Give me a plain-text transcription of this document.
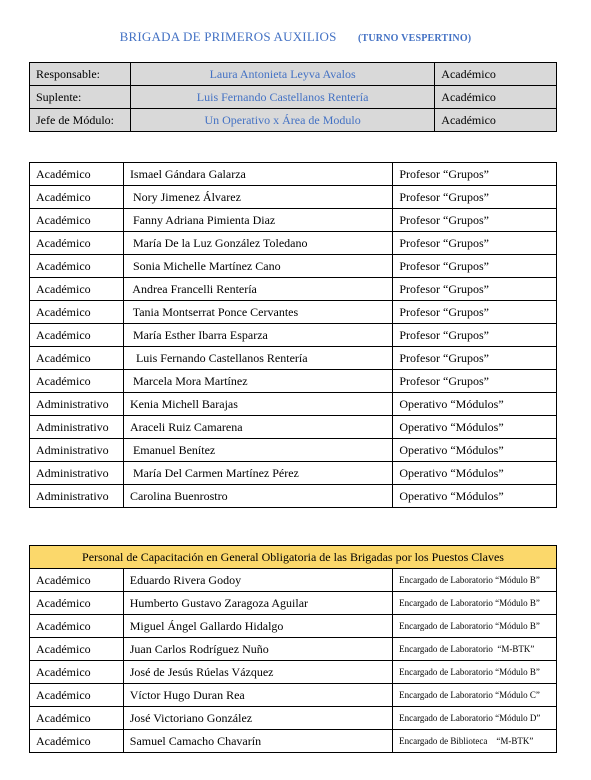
BRIGADA DE PRIMEROS AUXILIOS (TURNO VESPERTINO)
Responsable:	Laura Antonieta Leyva Avalos	Académico
Suplente:	Luis Fernando Castellanos Rentería	Académico
Jefe de Módulo:	Un Operativo x Área de Modulo	Académico
Académico	Ismael Gándara Galarza	Profesor “Grupos”
Académico	Nory Jimenez Álvarez	Profesor “Grupos”
Académico	Fanny Adriana Pimienta Diaz	Profesor “Grupos”
Académico	María De la Luz González Toledano	Profesor “Grupos”
Académico	Sonia Michelle Martínez Cano	Profesor “Grupos”
Académico	Andrea Francelli Rentería	Profesor “Grupos”
Académico	Tania Montserrat Ponce Cervantes	Profesor “Grupos”
Académico	María Esther Ibarra Esparza	Profesor “Grupos”
Académico	Luis Fernando Castellanos Rentería	Profesor “Grupos”
Académico	Marcela Mora Martínez	Profesor “Grupos”
Administrativo	Kenia Michell Barajas	Operativo “Módulos”
Administrativo	Araceli Ruiz Camarena	Operativo “Módulos”
Administrativo	Emanuel Benítez	Operativo “Módulos”
Administrativo	María Del Carmen Martínez Pérez	Operativo “Módulos”
Administrativo	Carolina Buenrostro	Operativo “Módulos”
Personal de Capacitación en General Obligatoria de las Brigadas por los Puestos Claves		
Académico	Eduardo Rivera Godoy	Encargado de Laboratorio “Módulo B”
Académico	Humberto Gustavo Zaragoza Aguilar	Encargado de Laboratorio “Módulo B”
Académico	Miguel Ángel Gallardo Hidalgo	Encargado de Laboratorio “Módulo B”
Académico	Juan Carlos Rodríguez Nuño	Encargado de Laboratorio  “M-BTK”
Académico	José de Jesús Rúelas Vázquez	Encargado de Laboratorio “Módulo B”
Académico	Víctor Hugo Duran Rea	Encargado de Laboratorio “Módulo C”
Académico	José Victoriano González	Encargado de Laboratorio “Módulo D”
Académico	Samuel Camacho Chavarín	Encargado de Biblioteca    “M-BTK”
